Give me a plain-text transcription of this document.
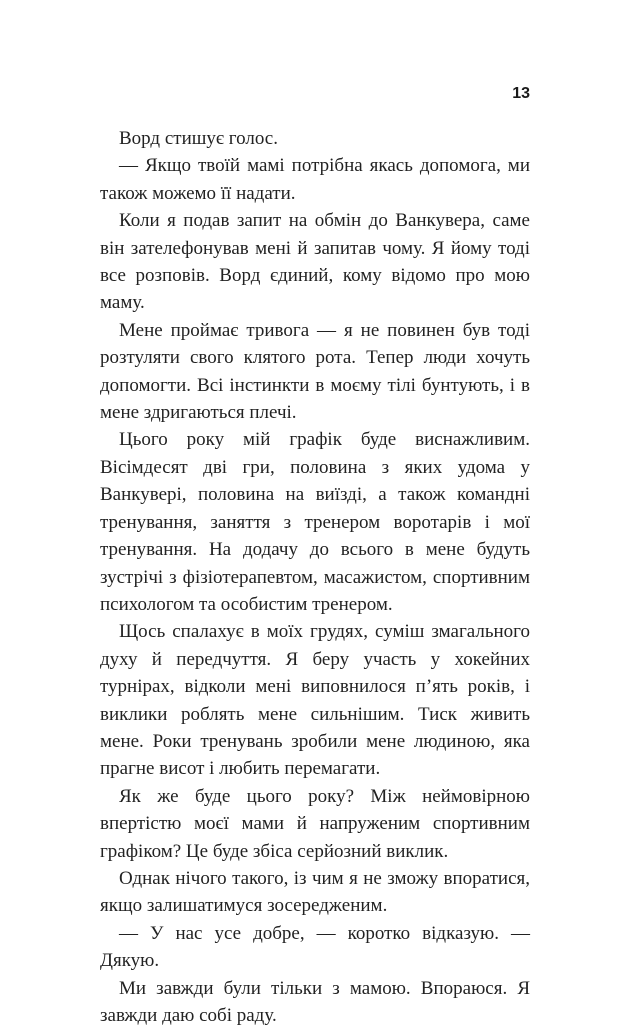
13

Ворд стишує голос.

— Якщо твоїй мамі потрібна якась допомога, ми також можемо її надати.

Коли я подав запит на обмін до Ванкувера, саме він зателефонував мені й запитав чому. Я йому тоді все розповів. Ворд єдиний, кому відомо про мою маму.

Мене проймає тривога — я не повинен був тоді розтуляти свого клятого рота. Тепер люди хочуть допомогти. Всі інстинкти в моєму тілі бунтують, і в мене здригаються плечі.

Цього року мій графік буде виснажливим. Вісімдесят дві гри, половина з яких удома у Ванкувері, половина на виїзді, а також командні тренування, заняття з тренером воротарів і мої тренування. На додачу до всього в мене будуть зустрічі з фізіотерапевтом, масажистом, спортивним психологом та особистим тренером.

Щось спалахує в моїх грудях, суміш змагального духу й передчуття. Я беру участь у хокейних турнірах, відколи мені виповнилося п’ять років, і виклики роблять мене сильнішим. Тиск живить мене. Роки тренувань зробили мене людиною, яка прагне висот і любить перемагати.

Як же буде цього року? Між неймовірною впертістю моєї мами й напруженим спортивним графіком? Це буде збіса серйозний виклик.

Однак нічого такого, із чим я не зможу впоратися, якщо залишатимуся зосередженим.

— У нас усе добре, — коротко відказую. — Дякую.

Ми завжди були тільки з мамою. Впораюся. Я завжди даю собі раду.
